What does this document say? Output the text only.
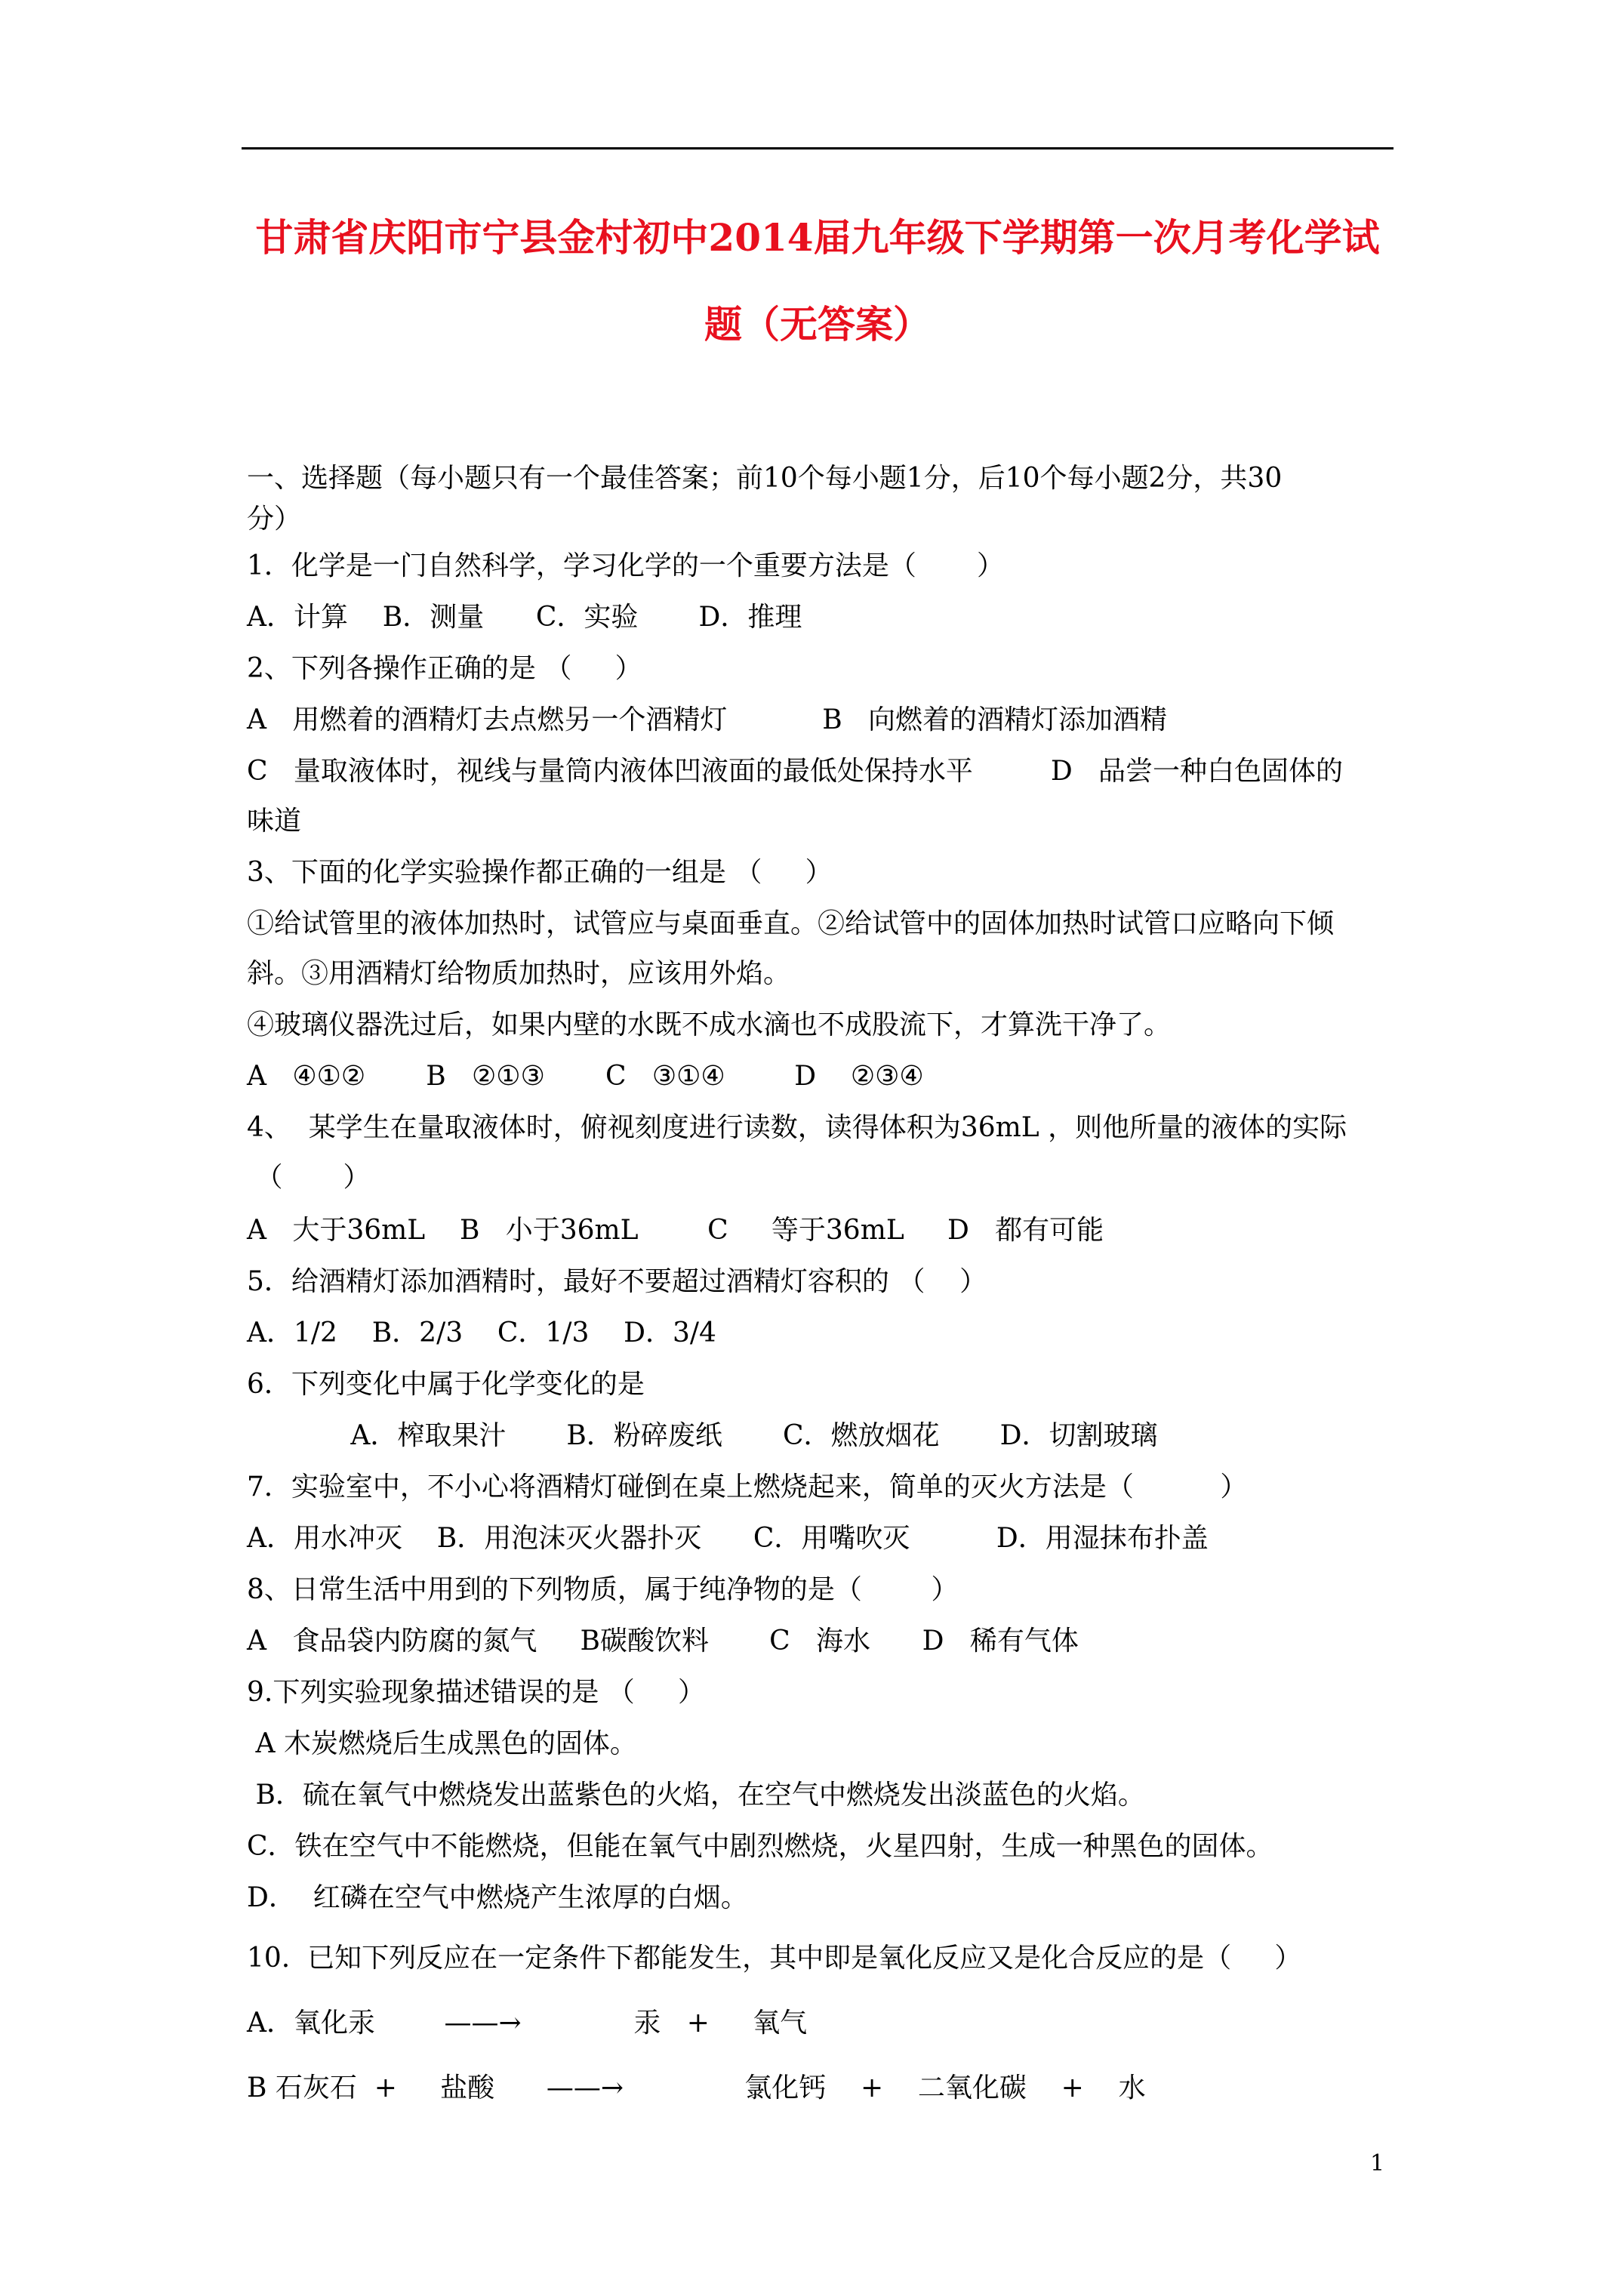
甘肃省庆阳市宁县金村初中2014届九年级下学期第一次月考化学试
题（无答案）
一、选择题（每小题只有一个最佳答案；前10个每小题1分，后10个每小题2分，共30
分）
1．化学是一门自然科学，学习化学的一个重要方法是（       ）
A．计算    B．测量      C．实验       D．推理
2、下列各操作正确的是 （     ）
A   用燃着的酒精灯去点燃另一个酒精灯           B   向燃着的酒精灯添加酒精
C   量取液体时，视线与量筒内液体凹液面的最低处保持水平         D   品尝一种白色固体的
味道
3、下面的化学实验操作都正确的一组是 （     ）
①给试管里的液体加热时，试管应与桌面垂直。②给试管中的固体加热时试管口应略向下倾
斜。③用酒精灯给物质加热时，应该用外焰。
④玻璃仪器洗过后，如果内壁的水既不成水滴也不成股流下，才算洗干净了。
A   ④①②       B   ②①③       C   ③①④        D    ②③④
4、  某学生在量取液体时，俯视刻度进行读数，读得体积为36mL ，则他所量的液体的实际
（       ）
A   大于36mL    B   小于36mL        C     等于36mL     D   都有可能
5．给酒精灯添加酒精时，最好不要超过酒精灯容积的 （    ）
A．1/2    B．2/3    C．1/3    D．3/4
6．下列变化中属于化学变化的是
A．榨取果汁       B．粉碎废纸       C．燃放烟花       D．切割玻璃
7．实验室中，不小心将酒精灯碰倒在桌上燃烧起来，简单的灭火方法是（          ）
A．用水冲灭    B．用泡沫灭火器扑灭      C．用嘴吹灭          D．用湿抹布扑盖
8、日常生活中用到的下列物质，属于纯净物的是（        ）
A   食品袋内防腐的氮气     B碳酸饮料       C   海水      D   稀有气体
9.下列实验现象描述错误的是 （     ）
A 木炭燃烧后生成黑色的固体。
B．硫在氧气中燃烧发出蓝紫色的火焰，在空气中燃烧发出淡蓝色的火焰。
C．铁在空气中不能燃烧，但能在氧气中剧烈燃烧，火星四射，生成一种黑色的固体。
D．  红磷在空气中燃烧产生浓厚的白烟。
10.  已知下列反应在一定条件下都能发生，其中即是氧化反应又是化合反应的是（     ）
A．氧化汞        ——→             汞   +     氧气
B 石灰石  +     盐酸      ——→              氯化钙    +    二氧化碳    +    水
1
